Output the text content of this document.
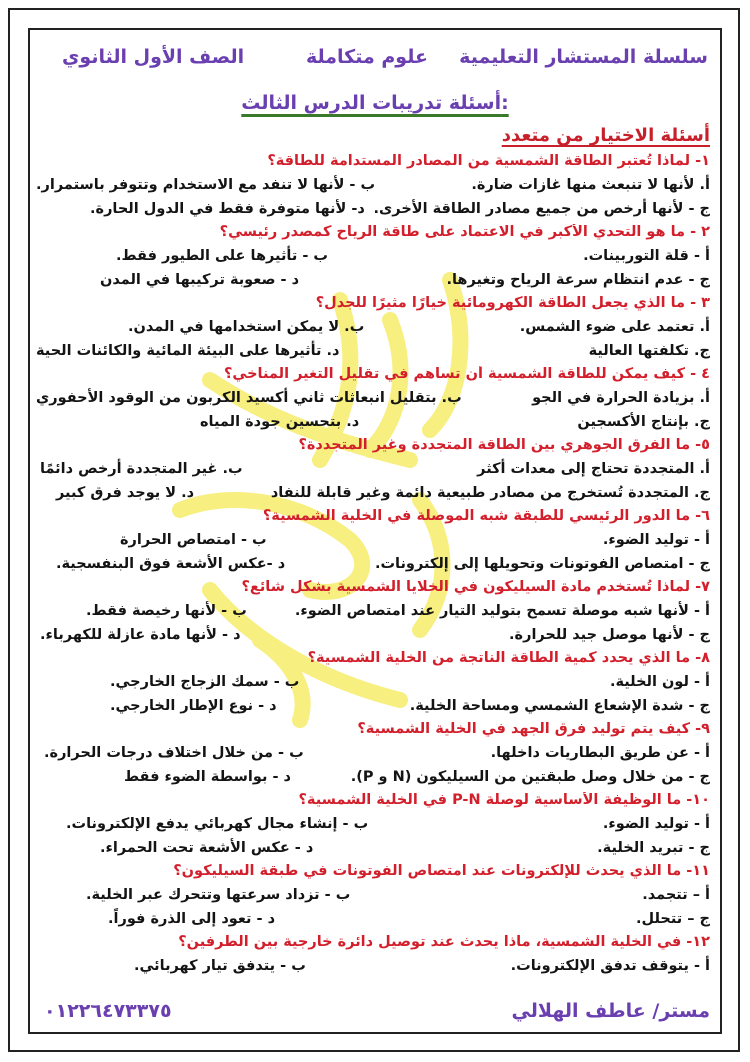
سلسلة المستشار التعليمية
علوم متكاملة
الصف الأول الثانوي
أسئلة تدريبات الدرس الثالث:
أسئلة الاختيار من متعدد
١- لماذا تُعتبر الطاقة الشمسية من المصادر المستدامة للطاقة؟
أ. لأنها لا تنبعث منها غازات ضارة.
ب - لأنها لا تنفد مع الاستخدام وتتوفر باستمرار.
ج - لأنها أرخص من جميع مصادر الطاقة الأخرى.
د- لأنها متوفرة فقط في الدول الحارة.
٢ - ما هو التحدي الأكبر في الاعتماد على طاقة الرياح كمصدر رئيسي؟
أ - قلة التوربينات.
ب - تأثيرها على الطيور فقط.
ج - عدم انتظام سرعة الرياح وتغيرها.
د - صعوبة تركيبها في المدن
٣ - ما الذي يجعل الطاقة الكهرومائية خيارًا مثيرًا للجدل؟
أ. تعتمد على ضوء الشمس.
ب. لا يمكن استخدامها في المدن.
ج. تكلفتها العالية
د. تأثيرها على البيئة المائية والكائنات الحية
٤ - كيف يمكن للطاقة الشمسية أن تساهم في تقليل التغير المناخي؟
أ. بزيادة الحرارة في الجو
ب. بتقليل انبعاثات ثاني أكسيد الكربون من الوقود الأحفوري
ج. بإنتاج الأكسجين
د. بتحسين جودة المياه
٥- ما الفرق الجوهري بين الطاقة المتجددة وغير المتجددة؟
أ. المتجددة تحتاج إلى معدات أكثر
ب. غير المتجددة أرخص دائمًا
ج. المتجددة تُستخرج من مصادر طبيعية دائمة وغير قابلة للنفاد
د. لا يوجد فرق كبير
٦- ما الدور الرئيسي للطبقة شبه الموصلة في الخلية الشمسية؟
أ - توليد الضوء.
ب - امتصاص الحرارة
ج - امتصاص الفوتونات وتحويلها إلى إلكترونات.
د -عكس الأشعة فوق البنفسجية.
٧- لماذا تُستخدم مادة السيليكون في الخلايا الشمسية بشكل شائع؟
أ - لأنها شبه موصلة تسمح بتوليد التيار عند امتصاص الضوء.
ب - لأنها رخيصة فقط.
ج - لأنها موصل جيد للحرارة.
د - لأنها مادة عازلة للكهرباء.
٨- ما الذي يحدد كمية الطاقة الناتجة من الخلية الشمسية؟
أ - لون الخلية.
ب - سمك الزجاج الخارجي.
ج - شدة الإشعاع الشمسي ومساحة الخلية.
د - نوع الإطار الخارجي.
٩- كيف يتم توليد فرق الجهد في الخلية الشمسية؟
أ - عن طريق البطاريات داخلها.
ب - من خلال اختلاف درجات الحرارة.
ج - من خلال وصل طبقتين من السيليكون (N و P).
د - بواسطة الضوء فقط
١٠- ما الوظيفة الأساسية لوصلة P-N في الخلية الشمسية؟
أ - توليد الضوء.
ب - إنشاء مجال كهربائي يدفع الإلكترونات.
ج - تبريد الخلية.
د - عكس الأشعة تحت الحمراء.
١١- ما الذي يحدث للإلكترونات عند امتصاص الفوتونات في طبقة السيليكون؟
أ – تتجمد.
ب - تزداد سرعتها وتتحرك عبر الخلية.
ج – تتحلل.
د - تعود إلى الذرة فوراً.
١٢- في الخلية الشمسية، ماذا يحدث عند توصيل دائرة خارجية بين الطرفين؟
أ - يتوقف تدفق الإلكترونات.
ب - يتدفق تيار كهربائي.
مستر/ عاطف الهلالي
٠١٢٢٦٤٧٣٣٧٥
